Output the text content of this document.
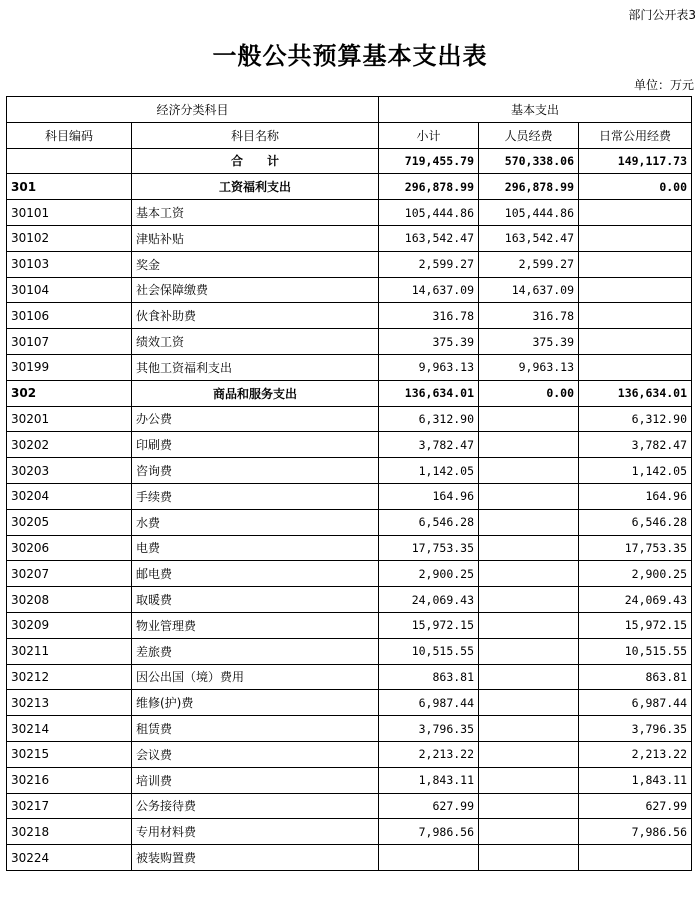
部门公开表3
一般公共预算基本支出表
单位：万元
经济分类科目		基本支出		
科目编码	科目名称	小计	人员经费	日常公用经费
	合　　计	719,455.79	570,338.06	149,117.73
301	工资福利支出	296,878.99	296,878.99	0.00
30101	基本工资	105,444.86	105,444.86	
30102	津贴补贴	163,542.47	163,542.47	
30103	奖金	2,599.27	2,599.27	
30104	社会保障缴费	14,637.09	14,637.09	
30106	伙食补助费	316.78	316.78	
30107	绩效工资	375.39	375.39	
30199	其他工资福利支出	9,963.13	9,963.13	
302	商品和服务支出	136,634.01	0.00	136,634.01
30201	办公费	6,312.90		6,312.90
30202	印刷费	3,782.47		3,782.47
30203	咨询费	1,142.05		1,142.05
30204	手续费	164.96		164.96
30205	水费	6,546.28		6,546.28
30206	电费	17,753.35		17,753.35
30207	邮电费	2,900.25		2,900.25
30208	取暖费	24,069.43		24,069.43
30209	物业管理费	15,972.15		15,972.15
30211	差旅费	10,515.55		10,515.55
30212	因公出国（境）费用	863.81		863.81
30213	维修(护)费	6,987.44		6,987.44
30214	租赁费	3,796.35		3,796.35
30215	会议费	2,213.22		2,213.22
30216	培训费	1,843.11		1,843.11
30217	公务接待费	627.99		627.99
30218	专用材料费	7,986.56		7,986.56
30224	被装购置费			
